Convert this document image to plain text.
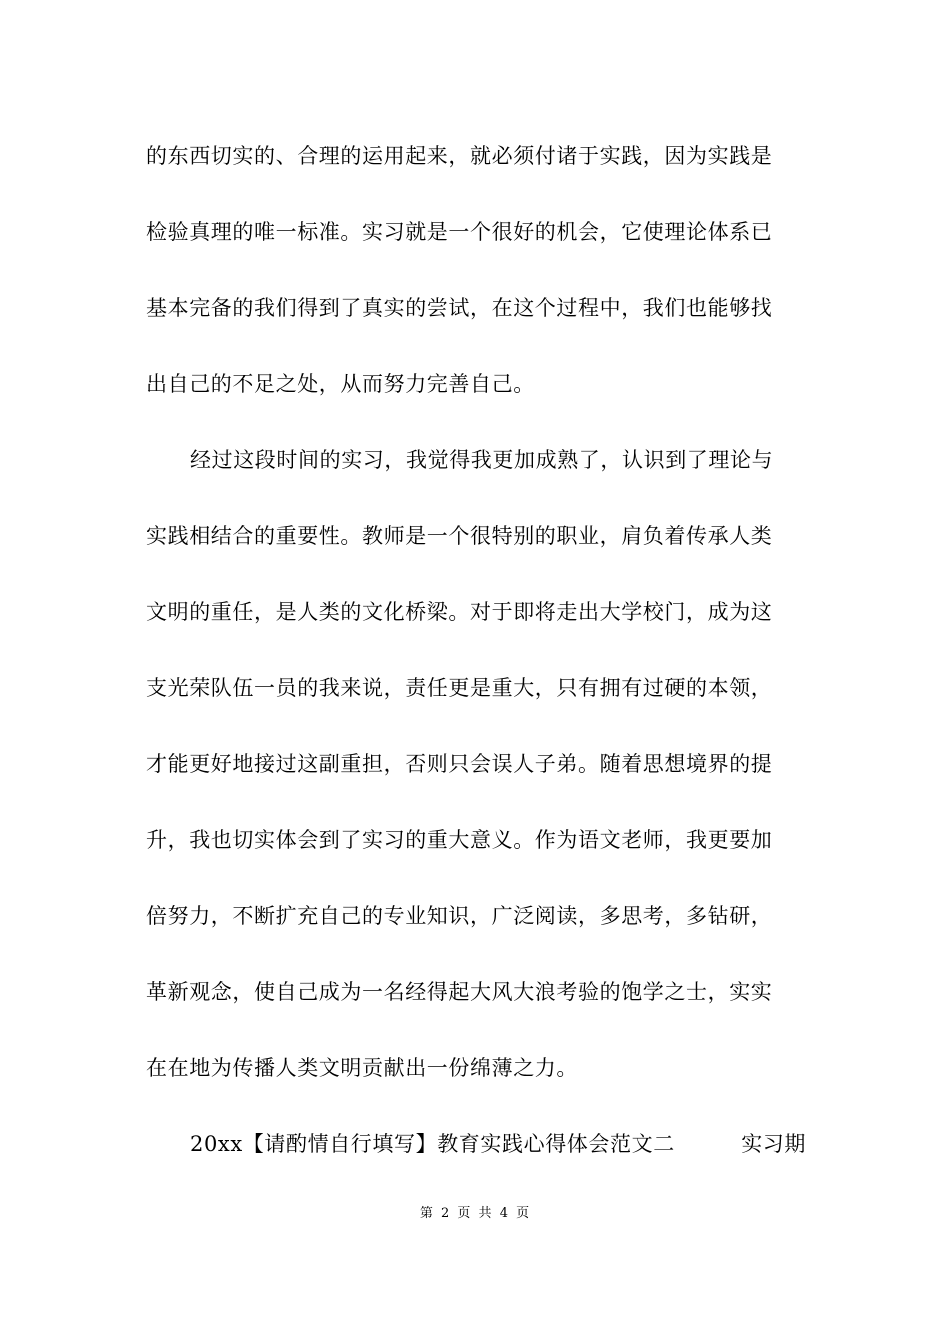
的东西切实的、合理的运用起来，就必须付诸于实践，因为实践是
检验真理的唯一标准。实习就是一个很好的机会，它使理论体系已
基本完备的我们得到了真实的尝试，在这个过程中，我们也能够找
出自己的不足之处，从而努力完善自己。
经过这段时间的实习，我觉得我更加成熟了，认识到了理论与
实践相结合的重要性。教师是一个很特别的职业，肩负着传承人类
文明的重任，是人类的文化桥梁。对于即将走出大学校门，成为这
支光荣队伍一员的我来说，责任更是重大，只有拥有过硬的本领，
才能更好地接过这副重担，否则只会误人子弟。随着思想境界的提
升，我也切实体会到了实习的重大意义。作为语文老师，我更要加
倍努力，不断扩充自己的专业知识，广泛阅读，多思考，多钻研，
革新观念，使自己成为一名经得起大风大浪考验的饱学之士，实实
在在地为传播人类文明贡献出一份绵薄之力。
20xx【请酌情自行填写】教育实践心得体会范文二	实习期
第 2 页 共 4 页
